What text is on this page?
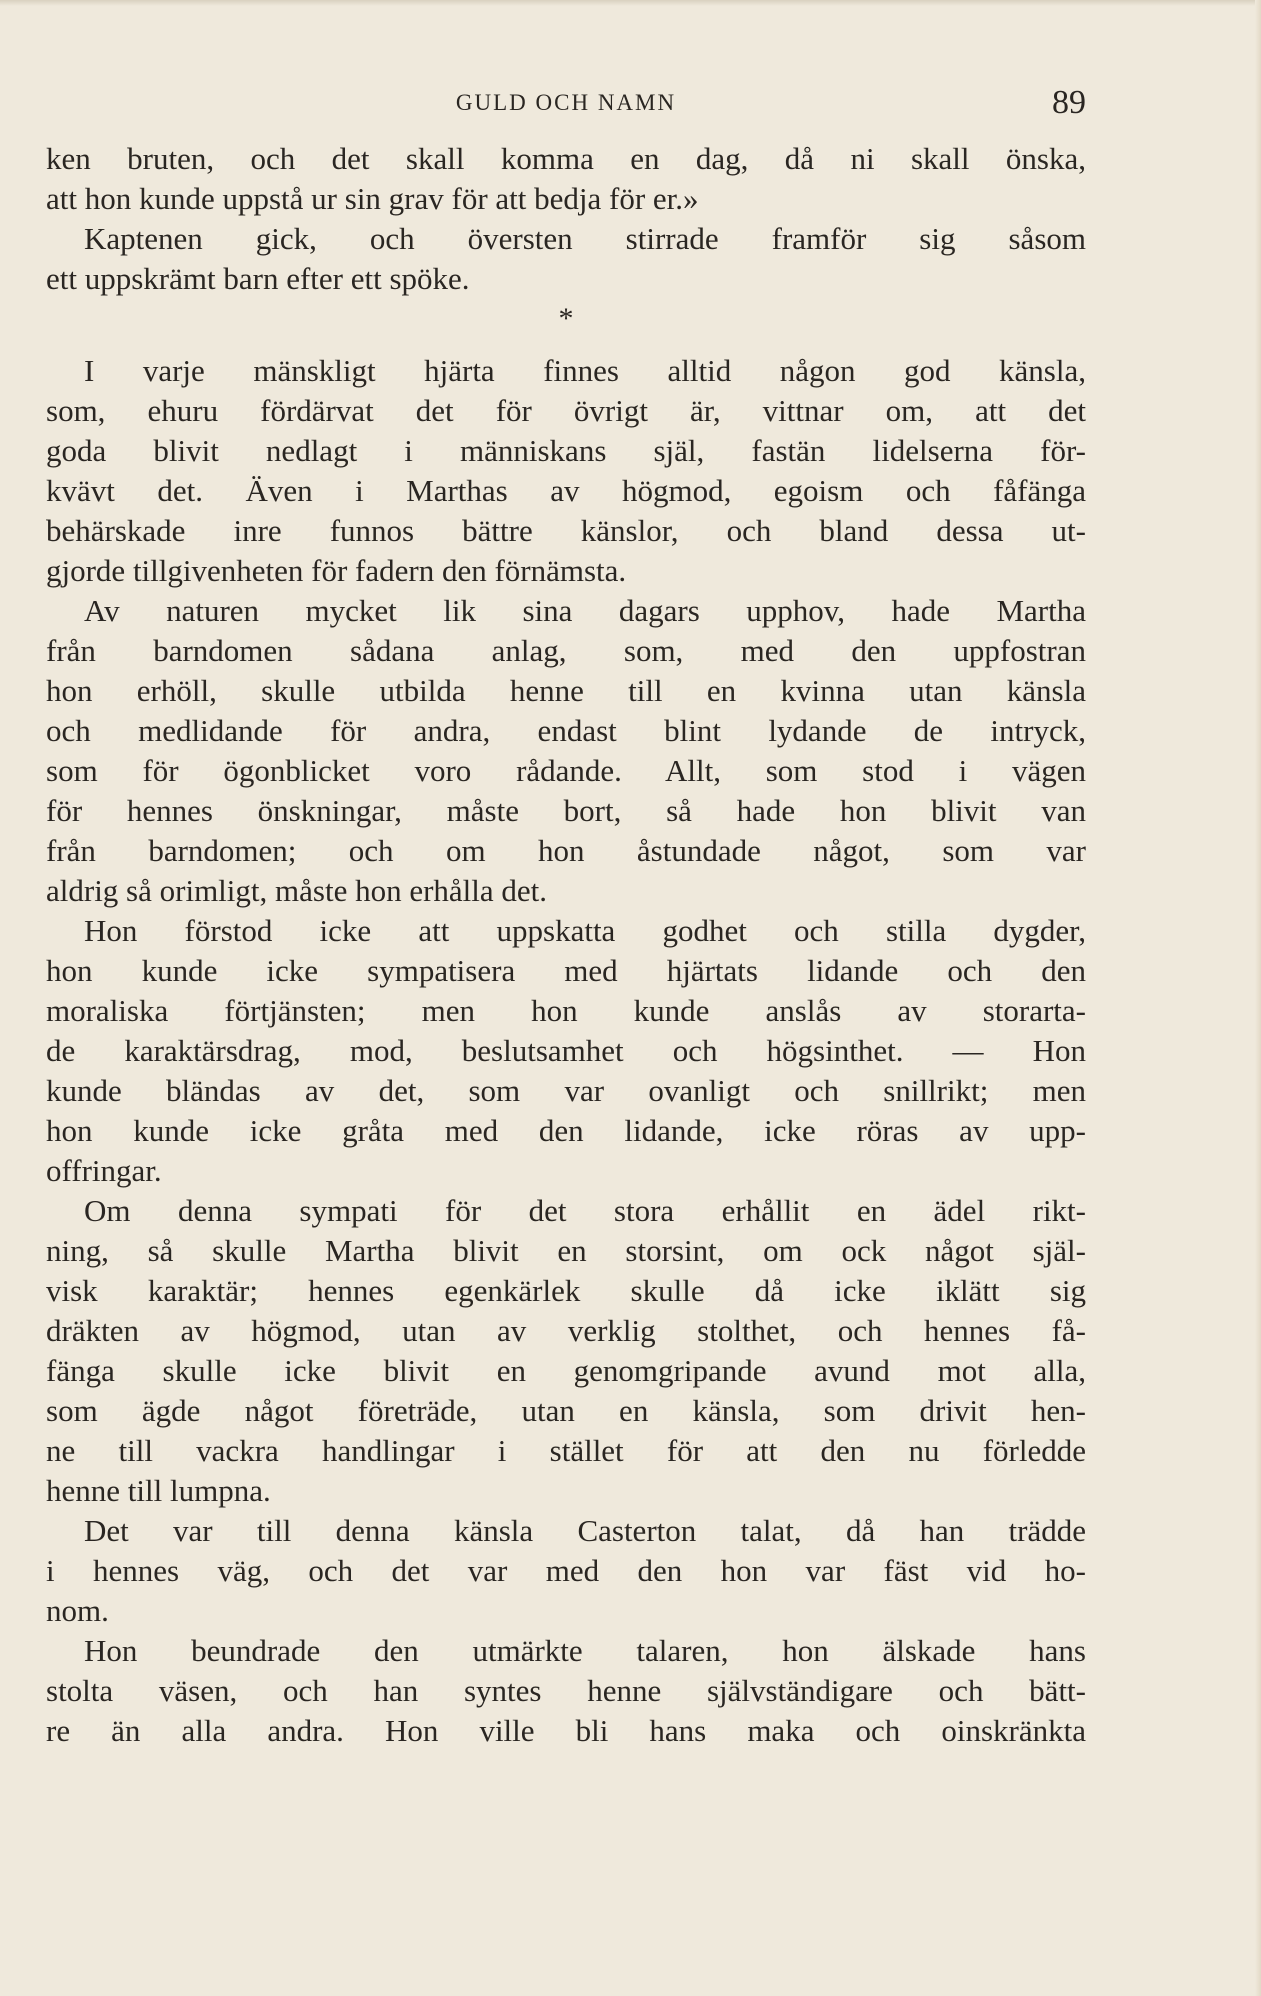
GULD OCH NAMN	89
ken bruten, och det skall komma en dag, då ni skall önska,
att hon kunde uppstå ur sin grav för att bedja för er.»
Kaptenen gick, och översten stirrade framför sig såsom
ett uppskrämt barn efter ett spöke.
*
I varje mänskligt hjärta finnes alltid någon god känsla,
som, ehuru fördärvat det för övrigt är, vittnar om, att det
goda blivit nedlagt i människans själ, fastän lidelserna för-
kvävt det. Även i Marthas av högmod, egoism och fåfänga
behärskade inre funnos bättre känslor, och bland dessa ut-
gjorde tillgivenheten för fadern den förnämsta.
Av naturen mycket lik sina dagars upphov, hade Martha
från barndomen sådana anlag, som, med den uppfostran
hon erhöll, skulle utbilda henne till en kvinna utan känsla
och medlidande för andra, endast blint lydande de intryck,
som för ögonblicket voro rådande. Allt, som stod i vägen
för hennes önskningar, måste bort, så hade hon blivit van
från barndomen; och om hon åstundade något, som var
aldrig så orimligt, måste hon erhålla det.
Hon förstod icke att uppskatta godhet och stilla dygder,
hon kunde icke sympatisera med hjärtats lidande och den
moraliska förtjänsten; men hon kunde anslås av storarta-
de karaktärsdrag, mod, beslutsamhet och högsinthet. — Hon
kunde bländas av det, som var ovanligt och snillrikt; men
hon kunde icke gråta med den lidande, icke röras av upp-
offringar.
Om denna sympati för det stora erhållit en ädel rikt-
ning, så skulle Martha blivit en storsint, om ock något själ-
visk karaktär; hennes egenkärlek skulle då icke iklätt sig
dräkten av högmod, utan av verklig stolthet, och hennes få-
fänga skulle icke blivit en genomgripande avund mot alla,
som ägde något företräde, utan en känsla, som drivit hen-
ne till vackra handlingar i stället för att den nu förledde
henne till lumpna.
Det var till denna känsla Casterton talat, då han trädde
i hennes väg, och det var med den hon var fäst vid ho-
nom.
Hon beundrade den utmärkte talaren, hon älskade hans
stolta väsen, och han syntes henne självständigare och bätt-
re än alla andra. Hon ville bli hans maka och oinskränkta
